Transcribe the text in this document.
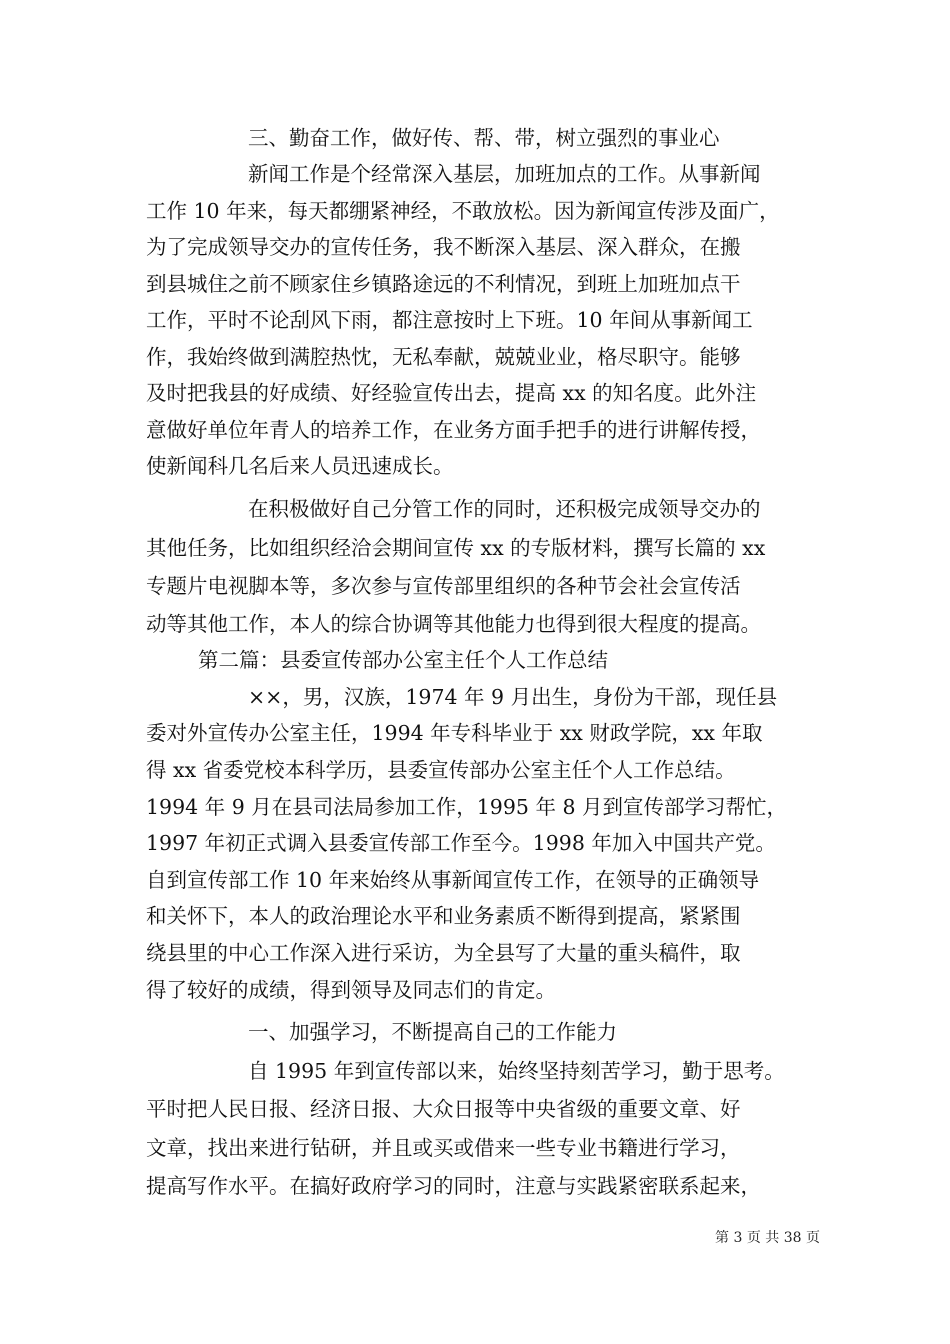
三、勤奋工作，做好传、帮、带，树立强烈的事业心
新闻工作是个经常深入基层，加班加点的工作。从事新闻
工作 10 年来，每天都绷紧神经，不敢放松。因为新闻宣传涉及面广，
为了完成领导交办的宣传任务，我不断深入基层、深入群众，在搬
到县城住之前不顾家住乡镇路途远的不利情况，到班上加班加点干
工作，平时不论刮风下雨，都注意按时上下班。10 年间从事新闻工
作，我始终做到满腔热忱，无私奉献，兢兢业业，格尽职守。能够
及时把我县的好成绩、好经验宣传出去，提高 xx 的知名度。此外注
意做好单位年青人的培养工作，在业务方面手把手的进行讲解传授，
使新闻科几名后来人员迅速成长。
在积极做好自己分管工作的同时，还积极完成领导交办的
其他任务，比如组织经洽会期间宣传 xx 的专版材料，撰写长篇的 xx
专题片电视脚本等，多次参与宣传部里组织的各种节会社会宣传活
动等其他工作，本人的综合协调等其他能力也得到很大程度的提高。
第二篇：县委宣传部办公室主任个人工作总结
××，男，汉族，1974 年 9 月出生，身份为干部，现任县
委对外宣传办公室主任，1994 年专科毕业于 xx 财政学院，xx 年取
得 xx 省委党校本科学历，县委宣传部办公室主任个人工作总结。
1994 年 9 月在县司法局参加工作，1995 年 8 月到宣传部学习帮忙，
1997 年初正式调入县委宣传部工作至今。1998 年加入中国共产党。
自到宣传部工作 10 年来始终从事新闻宣传工作，在领导的正确领导
和关怀下，本人的政治理论水平和业务素质不断得到提高，紧紧围
绕县里的中心工作深入进行采访，为全县写了大量的重头稿件，取
得了较好的成绩，得到领导及同志们的肯定。
一、加强学习，不断提高自己的工作能力
自 1995 年到宣传部以来，始终坚持刻苦学习，勤于思考。
平时把人民日报、经济日报、大众日报等中央省级的重要文章、好
文章，找出来进行钻研，并且或买或借来一些专业书籍进行学习，
提高写作水平。在搞好政府学习的同时，注意与实践紧密联系起来，
第 3 页 共 38 页
